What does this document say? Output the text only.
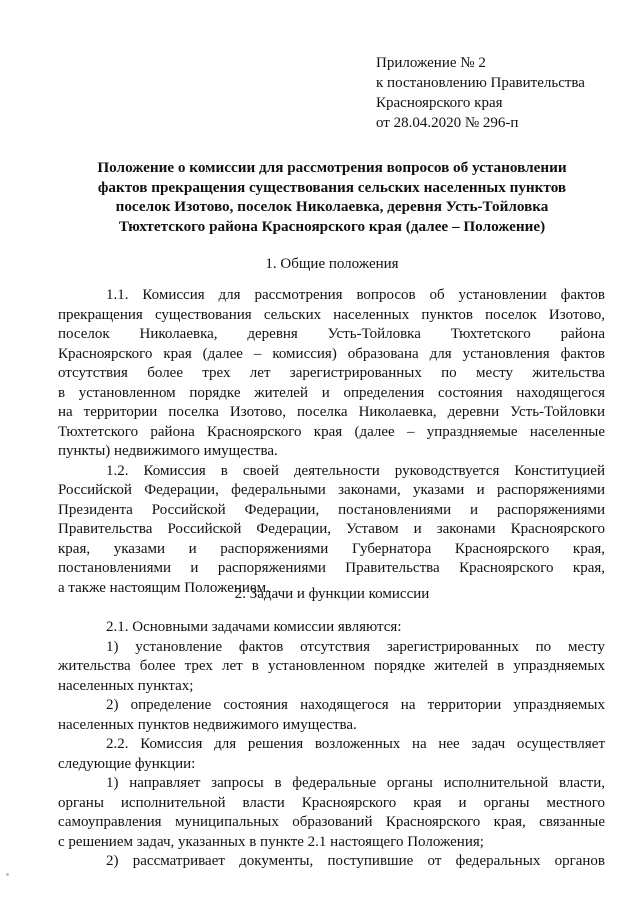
Приложение № 2
к постановлению Правительства
Красноярского края
от 28.04.2020 № 296-п
Положение о комиссии для рассмотрения вопросов об установлении
фактов прекращения существования сельских населенных пунктов
поселок Изотово, поселок Николаевка, деревня Усть-Тойловка
Тюхтетского района Красноярского края (далее – Положение)
1. Общие положения
1.1. Комиссия для рассмотрения вопросов об установлении фактов
прекращения существования сельских населенных пунктов поселок Изотово,
поселок Николаевка, деревня Усть-Тойловка Тюхтетского района
Красноярского края (далее – комиссия) образована для установления фактов
отсутствия более трех лет зарегистрированных по месту жительства
в установленном порядке жителей и определения состояния находящегося
на территории поселка Изотово, поселка Николаевка, деревни Усть-Тойловки
Тюхтетского района Красноярского края (далее – упраздняемые населенные
пункты) недвижимого имущества.
1.2. Комиссия в своей деятельности руководствуется Конституцией
Российской Федерации, федеральными законами, указами и распоряжениями
Президента Российской Федерации, постановлениями и распоряжениями
Правительства Российской Федерации, Уставом и законами Красноярского
края, указами и распоряжениями Губернатора Красноярского края,
постановлениями и распоряжениями Правительства Красноярского края,
а также настоящим Положением.
2. Задачи и функции комиссии
2.1. Основными задачами комиссии являются:
1) установление фактов отсутствия зарегистрированных по месту
жительства более трех лет в установленном порядке жителей в упраздняемых
населенных пунктах;
2) определение состояния находящегося на территории упраздняемых
населенных пунктов недвижимого имущества.
2.2. Комиссия для решения возложенных на нее задач осуществляет
следующие функции:
1) направляет запросы в федеральные органы исполнительной власти,
органы исполнительной власти Красноярского края и органы местного
самоуправления муниципальных образований Красноярского края, связанные
с решением задач, указанных в пункте 2.1 настоящего Положения;
2) рассматривает документы, поступившие от федеральных органов
